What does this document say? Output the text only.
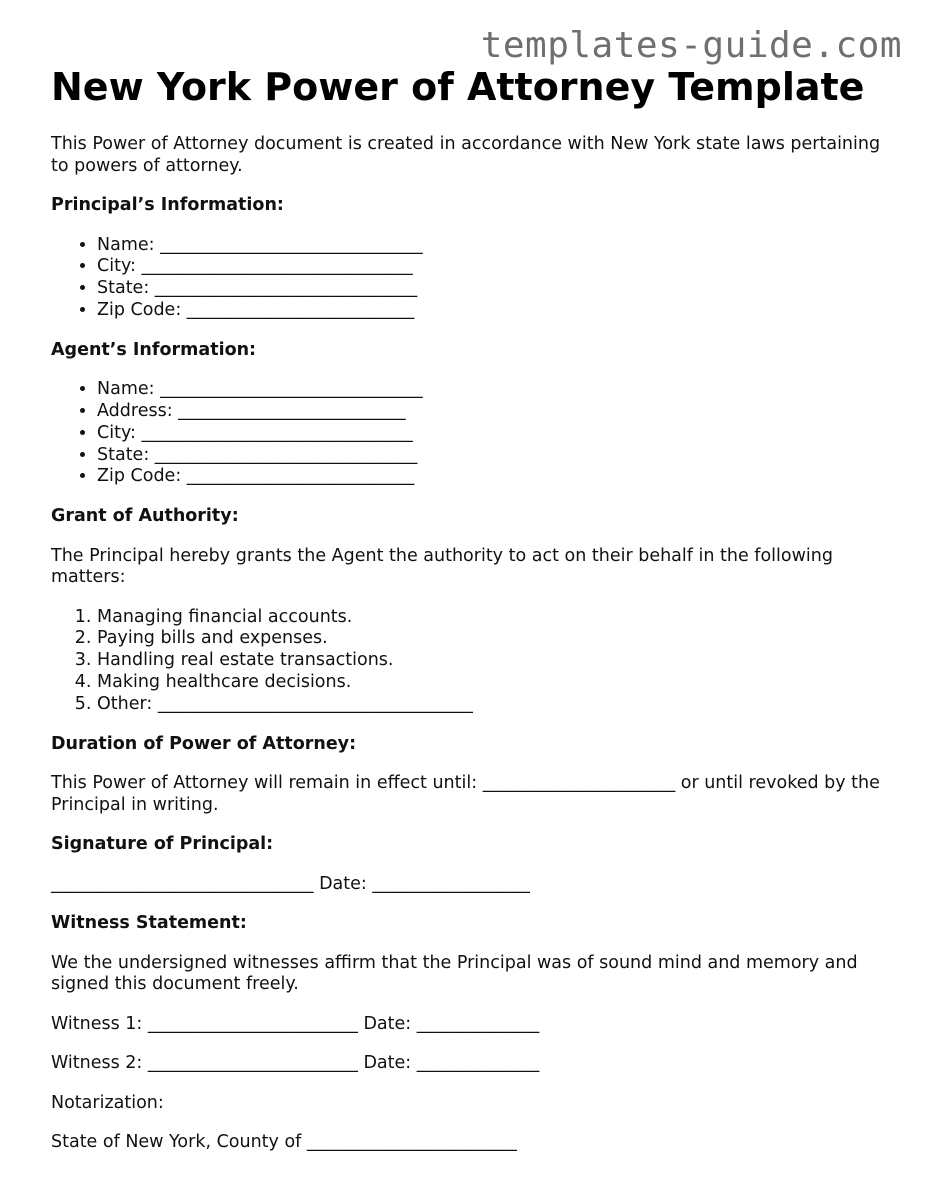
templates-guide.com
New York Power of Attorney Template

This Power of Attorney document is created in accordance with New York state laws pertaining to powers of attorney.

Principal’s Information:

• Name: ______________________________
• City: _______________________________
• State: ______________________________
• Zip Code: __________________________

Agent’s Information:

• Name: ______________________________
• Address: __________________________
• City: _______________________________
• State: ______________________________
• Zip Code: __________________________

Grant of Authority:

The Principal hereby grants the Agent the authority to act on their behalf in the following matters:

1. Managing financial accounts.
2. Paying bills and expenses.
3. Handling real estate transactions.
4. Making healthcare decisions.
5. Other: ____________________________________

Duration of Power of Attorney:

This Power of Attorney will remain in effect until: ______________________ or until revoked by the Principal in writing.

Signature of Principal:

______________________________ Date: __________________

Witness Statement:

We the undersigned witnesses affirm that the Principal was of sound mind and memory and signed this document freely.

Witness 1: ________________________ Date: ______________

Witness 2: ________________________ Date: ______________

Notarization:

State of New York, County of ________________________
